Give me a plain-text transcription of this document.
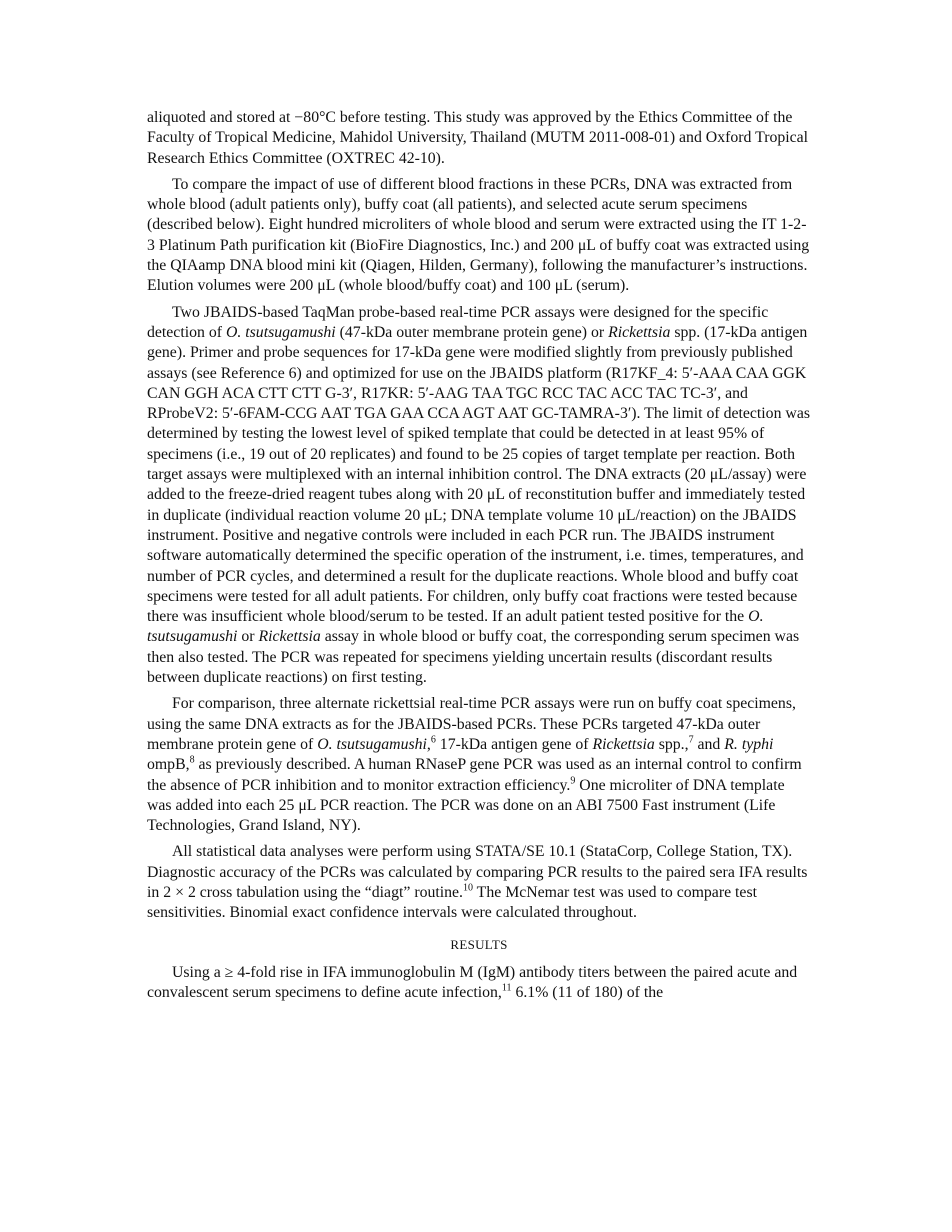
aliquoted and stored at −80°C before testing. This study was approved by the Ethics Committee of the Faculty of Tropical Medicine, Mahidol University, Thailand (MUTM 2011-008-01) and Oxford Tropical Research Ethics Committee (OXTREC 42-10).

To compare the impact of use of different blood fractions in these PCRs, DNA was extracted from whole blood (adult patients only), buffy coat (all patients), and selected acute serum specimens (described below). Eight hundred microliters of whole blood and serum were extracted using the IT 1-2-3 Platinum Path purification kit (BioFire Diagnostics, Inc.) and 200 μL of buffy coat was extracted using the QIAamp DNA blood mini kit (Qiagen, Hilden, Germany), following the manufacturer’s instructions. Elution volumes were 200 μL (whole blood/buffy coat) and 100 μL (serum).

Two JBAIDS-based TaqMan probe-based real-time PCR assays were designed for the specific detection of O. tsutsugamushi (47-kDa outer membrane protein gene) or Rickettsia spp. (17-kDa antigen gene). Primer and probe sequences for 17-kDa gene were modified slightly from previously published assays (see Reference 6) and optimized for use on the JBAIDS platform (R17KF_4: 5′-AAA CAA GGK CAN GGH ACA CTT CTT G-3′, R17KR: 5′-AAG TAA TGC RCC TAC ACC TAC TC-3′, and RProbeV2: 5′-6FAM-CCG AAT TGA GAA CCA AGT AAT GC-TAMRA-3′). The limit of detection was determined by testing the lowest level of spiked template that could be detected in at least 95% of specimens (i.e., 19 out of 20 replicates) and found to be 25 copies of target template per reaction. Both target assays were multiplexed with an internal inhibition control. The DNA extracts (20 μL/assay) were added to the freeze-dried reagent tubes along with 20 μL of reconstitution buffer and immediately tested in duplicate (individual reaction volume 20 μL; DNA template volume 10 μL/reaction) on the JBAIDS instrument. Positive and negative controls were included in each PCR run. The JBAIDS instrument software automatically determined the specific operation of the instrument, i.e. times, temperatures, and number of PCR cycles, and determined a result for the duplicate reactions. Whole blood and buffy coat specimens were tested for all adult patients. For children, only buffy coat fractions were tested because there was insufficient whole blood/serum to be tested. If an adult patient tested positive for the O. tsutsugamushi or Rickettsia assay in whole blood or buffy coat, the corresponding serum specimen was then also tested. The PCR was repeated for specimens yielding uncertain results (discordant results between duplicate reactions) on first testing.

For comparison, three alternate rickettsial real-time PCR assays were run on buffy coat specimens, using the same DNA extracts as for the JBAIDS-based PCRs. These PCRs targeted 47-kDa outer membrane protein gene of O. tsutsugamushi,$^6$ 17-kDa antigen gene of Rickettsia spp.,$^7$ and R. typhi ompB,$^8$ as previously described. A human RNaseP gene PCR was used as an internal control to confirm the absence of PCR inhibition and to monitor extraction efficiency.$^9$ One microliter of DNA template was added into each 25 μL PCR reaction. The PCR was done on an ABI 7500 Fast instrument (Life Technologies, Grand Island, NY).

All statistical data analyses were perform using STATA/SE 10.1 (StataCorp, College Station, TX). Diagnostic accuracy of the PCRs was calculated by comparing PCR results to the paired sera IFA results in 2 × 2 cross tabulation using the “diagt” routine.$^{10}$ The McNemar test was used to compare test sensitivities. Binomial exact confidence intervals were calculated throughout.

RESULTS

Using a ≥ 4-fold rise in IFA immunoglobulin M (IgM) antibody titers between the paired acute and convalescent serum specimens to define acute infection,$^{11}$ 6.1% (11 of 180) of the
